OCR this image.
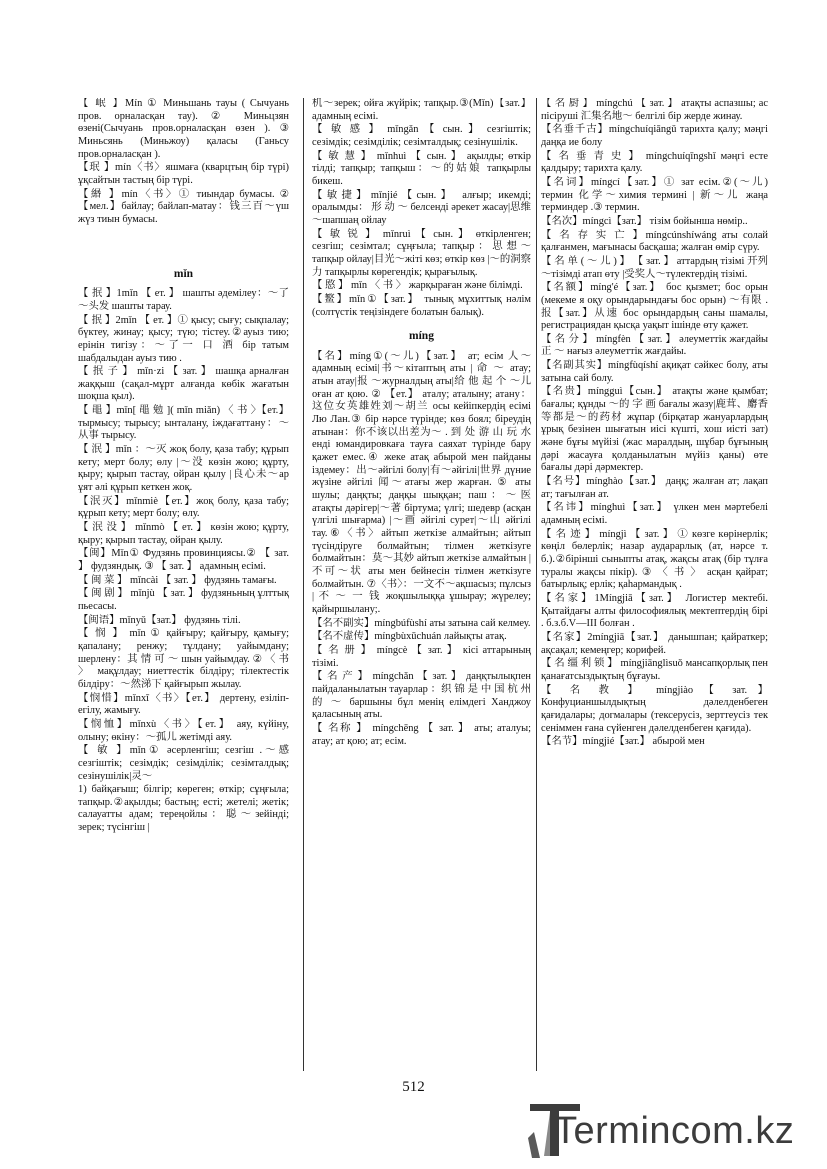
【 岷 】Mín ① Миньшань тауы ( Сычуань пров. орналасқан тау). ② Миньцзян өзені(Сычуань пров.орналасқан өзен ). ③ Миньсянь (Миньжоу) қаласы (Ганьсу пров.орналасқан ).
【珉 】mín〈书〉яшмаға (кварцтың бір түрі) ұқсайтын тастың бір түрі.
【緡 】mín〈书〉① тиындар бумасы. ②【мел.】байлау; байлап-матау：钱三百～үш жүз тиын бумасы.
mǐn
【 抿 】1mǐn 【 ет. 】 шашты әдемілеу：～了～头发 шашты тарау.
【 抿 】2mǐn 【 ет. 】① қысу; сығу; сықпалау; бүктеу, жинау; қысу; түю; тістеу.②ауыз тию; ерінін тигізу：～了一 口 酒 бір татым шабдалыдан ауыз тию .
【 抿 子 】 mǐn·zi 【 зат. 】 шашқа арналған жаққыш (сақал-мұрт алғанда көбік жағатын шоқша қыл).
【 黽 】mǐn[ 黽 勉 ]( mǐn miǎn) 〈 书 〉【ет.】 тырмысу; тырысу; ынталану, іждағаттану：～从事 тырысу.
【 泯 】mǐn ：～灭 жоқ болу, қаза табу; құрып кету; мерт болу; өлу |～没 көзін жою; құрту, қыру; қырып тастау, ойран қылу |良心未～ар ұят әлі құрып кеткен жоқ.
【泯灭】mǐnmiè【ет.】жоқ болу, қаза табу; құрып кету; мерт болу; өлу.
【 泯 没 】 mǐnmò 【 ет. 】 көзін жою; құрту, қыру; қырып тастау, ойран қылу.
【闽】Mǐn① Фудзянь провинциясы.② 【 зат. 】 фудзяндық. ③ 【 зат. 】 адамның есімі.
【 闽 菜 】 mǐncài 【 зат. 】 фудзянь тамағы.
【 闽 剧 】 mǐnjù 【 зат. 】 фудзяньның ұлттық пьесасы.
【闽语】mǐnyǔ【зат.】 фудзянь тілі.
【 悯 】 mǐn ① қайғыру; қайғыру, қамығу; қапалану; ренжу; тұлдану; уайымдану; шерлену：其 情 可 ～ шын уайымдау. ② 〈 书 〉 мақұлдау; ниеттестік білдіру; тілектестік білдіру：～然涕下 қайғырып жылау.
【悯惜】mǐnxī〈书〉【ет.】 дертену, езіліп-егілу, жамығу.
【悯恤】mǐnxù〈书〉【ет.】 аяу, күйіну, олыну; өкіну：～孤儿 жетімді аяу.
【 敏 】mǐn① әсерленгіш; сезгіш .～感 сезгіштік; сезімдік; сезімділік; сезімталдық; сезінушілік|灵～
1) байқағыш; білгір; көреген; өткір; сұңғыла; тапқыр.②ақылды; бастың; есті; жетелі; жетік; салауатты адам; тереңойлы：聪～зейінді; зерек; түсінгіш |
机～зерек; ойға жүйрік; тапқыр.③(Mǐn)【зат.】адамның есімі.
【 敏 感 】 mǐngǎn 【 сын. 】 сезгіштік; сезімдік; сезімділік; сезімталдық; сезінушілік.
【 敏 慧 】 mǐnhuì 【 сын. 】 ақылды; өткір тілді; тапқыр; тапқыш：～的姑娘 тапқырлы бикеш.
【敏捷】mǐnjié【сын.】 алғыр; икемді; оралымды： 形 动 ～ белсенді әрекет жасау|思维～шапшаң ойлау
【 敏 锐 】 mǐnruì 【 сын. 】 өткірленген; сезгіш; сезімтал; сұңғыла; тапқыр：思想～тапқыр ойлау|目光～жіті көз; өткір көз |～的洞察力 тапқырлы көрегендік; қырағылық.
【 愍 】 mǐn 〈 书 〉 жарқыраған және білімді.
【鳘】mǐn①【зат.】 тынық мұхиттық нәлім (солтүстік теңізіндеге болатын балық).
míng
【名】míng①(～儿)【зат.】 ат; есім 人～адамның есімі|书～кітаптың аты | 命 ～ атау; атын атау|报 ～журналдың аты|给 他 起 个 ～儿 оған ат қою. ② 【ет.】 аталу; аталыну; атану：这位女英雄姓刘～胡兰 осы кейіпкердің есімі Лю Лан.③ бір нәрсе түрінде; көз боял; біреудің атынан：你不该以出差为～ . 到 处 游 山 玩 水 енді юмандировкаға тауға саяхат түрінде бару қажет емес.④ жеке атақ абырой мен пайданы іздемеу：出～әйгілі болу|有～әйгілі|世界 дүние жүзіне әйгілі 闻～атағы жер жарған. ⑤ аты шулы; даңқты; даңқы шыққан; паш：～医 атақты дәрігер|～著 біртума; үлгі; шедевр (асқан үлгілі шығарма) |～画 әйгілі сурет|～山 әйгілі тау.⑥〈书〉айтып жеткізе алмайтын; айтып түсіндіруге болмайтын; тілмен жеткізуге болмайтын：莫～其妙 айтып жеткізе алмайтын |不可～状 аты мен бейнесін тілмен жеткізуге болмайтын. ⑦〈书〉：一文不～ақшасыз; пұлсыз | 不 ～ 一 钱 жоқшылыққа ұшырау; жүрелеу; қайыршылану;.
【名不副实】míngbúfùshí аты затына сай келмеу.
【名不虚传】míngbùxūchuán лайықты атақ.
【 名 册 】 míngcè 【 зат. 】 кісі аттарының тізімі.
【 名 产 】 míngchǎn 【 зат. 】 даңқтылықпен пайдаланылатын тауарлар ：织 锦 是 中 国 杭 州 的 ～ баршыны бұл менің елімдегі Ханджоу қаласының аты.
【 名称 】 míngchēng 【 зат. 】 аты; аталуы; атау; ат қою; ат; есім.
【 名 厨 】 míngchú 【 зат. 】 атақты аспазшы; ас пісіруші 汇集名地～ белгілі бір жерде жинау.
【名垂千古】míngchuíqiāngǔ тарихта қалу; мәңгі даңқа ие болу
【 名 垂 青 史 】 míngchuíqīngshǐ мәңгі есте қалдыру; тарихта қалу.
【名词】míngcí【зат.】① зат есім.②(～儿) термин 化学～химия термині | 新～儿 жаңа терминдер .③ термин.
【名次】míngcì【зат.】 тізім бойынша нөмір..
【 名 存 实 亡 】míngcúnshíwáng аты солай қалғанмен, мағынасы басқаша; жалған өмір сүру.
【 名 单 ( ～ 儿 ) 】 【 зат. 】 аттардың тізімі 开列～тізімді атап өту |受奖人～түлектердің тізімі.
【名额】míng'é【зат.】 бос қызмет; бос орын (мекеме я оқу орындарындағы бос орын) ～有限 . 报【зат.】从速 бос орындардың саны шамалы, регистрациядан қысқа уақыт ішінде өту қажет.
【 名 分 】 míngfèn 【 зат. 】 әлеуметтік жағдайы 正 ～ нағыз әлеуметтік жағдайы.
【名副其实】míngfùqíshí ақиқат сәйкес болу, аты затына сай болу.
【名贵】míngguì【сын.】 атақты және қымбат; бағалы; құнды ～的 字 画 бағалы жазу|鹿茸、麝香等都是～的药材 жұпар (бірқатар жануарлардың ұрық безінен шығатын иісі күшті, хош иісті зат) және бұғы мүйізі (жас маралдың, шұбар бұғының дәрі жасауға қолданылатын мүйіз қаны) өте бағалы дәрі дәрмектер.
【名号】mínghào【зат.】 даңқ; жалған ат; лақап ат; тағылған ат.
【名讳】mínghuì【зат.】 үлкен мен мәртебелі адамның есімі.
【 名 迹 】 míngjì 【 зат. 】 ① көзге көрінерлік; көңіл бөлерлік; назар аударарлық (ат, нәрсе т. б.).②бірінші сыныпты атақ, жақсы атақ (бір тұлға туралы жақсы пікір). ③ 〈 书 〉 асқан қайрат; батырлық; ерлік; қаһармандық .
【名家】1Míngjiā【зат.】 Логистер мектебі. Қытайдағы алты философиялық мектептердің бірі . б.з.б.V—III болған .
【名家】2míngjiā【зат.】 данышпан; қайраткер; ақсақал; кемеңгер; корифей.
【 名 缰 利 锁 】 míngjiānglìsuǒ мансапқорлық пен қанағатсыздықтың бұғауы.
【 名 教 】 míngjiào 【 зат. 】 Конфуцианшылдықтың дәлелденбеген қағидалары; догмалары (тексерусіз, зерттеусіз тек сеніммен ғана сүйенген дәлелденбеген қағида).
【名节】míngjié【зат.】 абырой мен
512
Termincom.kz
